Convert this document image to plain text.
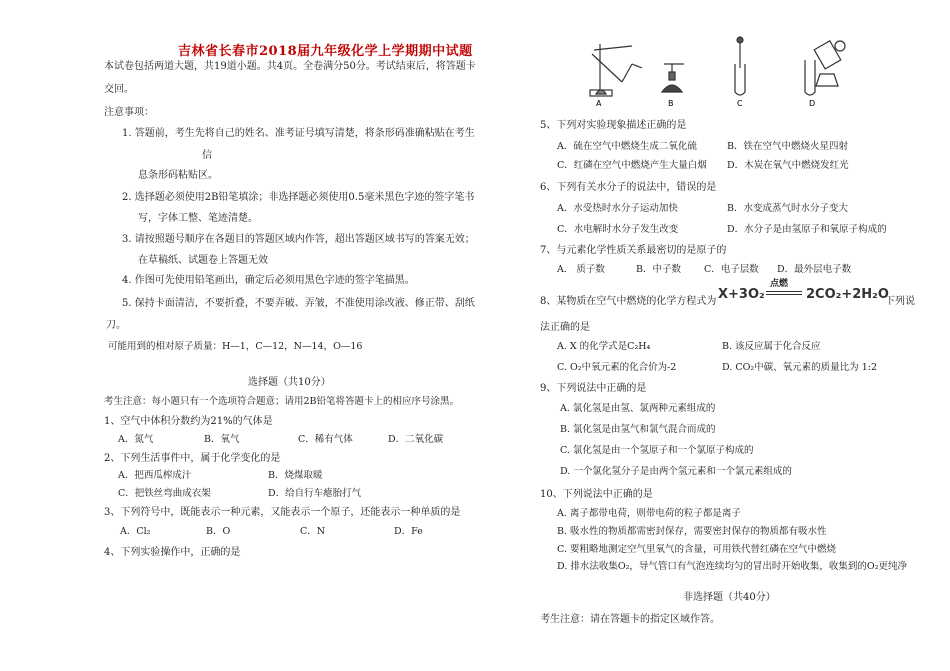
吉林省长春市2018届九年级化学上学期期中试题
本试卷包括两道大题，共19道小题。共4页。全卷满分50分。考试结束后，将答题卡
交回。
注意事项：
1. 答题前，考生先将自己的姓名、准考证号填写清楚，将条形码准确粘贴在考生
信
息条形码粘贴区。
2. 选择题必须使用2B铅笔填涂；非选择题必须使用0.5毫米黑色字迹的签字笔书
写，字体工整、笔迹清楚。
3. 请按照题号顺序在各题目的答题区域内作答，超出答题区域书写的答案无效；
在草稿纸、试题卷上答题无效
4. 作图可先使用铅笔画出，确定后必须用黑色字迹的签字笔描黑。
5. 保持卡面清洁，不要折叠，不要弄破、弄皱，不准使用涂改液、修正带、刮纸
刀。
可能用到的相对原子质量：H—1，C—12，N—14，O—16
选择题（共10分）
考生注意：每小题只有一个选项符合题意；请用2B铅笔将答题卡上的相应序号涂黑。
1、空气中体积分数约为21%的气体是
A．氮气	B．氧气	C．稀有气体	D．二氧化碳
2、下列生活事件中，属于化学变化的是
A．把西瓜榨成汁	B．烧煤取暖
C．把铁丝弯曲成衣架	D．给自行车瘪胎打气
3、下列符号中，既能表示一种元素，又能表示一个原子，还能表示一种单质的是
A．Cl₂	B．O	C．N	D．Fe
4、下列实验操作中，正确的是
A	B	C	D
5、下列对实验现象描述正确的是
A．硫在空气中燃烧生成二氧化硫	B．铁在空气中燃烧火星四射
C．红磷在空气中燃烧产生大量白烟 D．木炭在氧气中燃烧发红光
6、下列有关水分子的说法中，错误的是
A．水受热时水分子运动加快	B．水变成蒸气时水分子变大
C．水电解时水分子发生改变	D．水分子是由氢原子和氧原子构成的
7、与元素化学性质关系最密切的是原子的
A． 质子数	B．中子数 C．电子层数 D．最外层电子数
8、某物质在空气中燃烧的化学方程式为 X+3O₂
点燃
2CO₂+2H₂O
下列说
法正确的是
A. X 的化学式是C₂H₄	B. 该反应属于化合反应
C. O₂中氧元素的化合价为-2	D. CO₂中碳、氧元素的质量比为 1:2
9、下列说法中正确的是
A. 氯化氢是由氢、氯两种元素组成的
B. 氯化氢是由氢气和氯气混合而成的
C. 氯化氢是由一个氢原子和一个氯原子构成的
D. 一个氯化氢分子是由两个氢元素和一个氯元素组成的
10、下列说法中正确的是
A. 离子都带电荷，则带电荷的粒子都是离子
B. 吸水性的物质都需密封保存，需要密封保存的物质都有吸水性
C. 要粗略地测定空气里氧气的含量，可用铁代替红磷在空气中燃烧
D. 排水法收集O₂，导气管口有气泡连续均匀的冒出时开始收集，收集到的O₂更纯净
非选择题（共40分）
考生注意：请在答题卡的指定区域作答。
